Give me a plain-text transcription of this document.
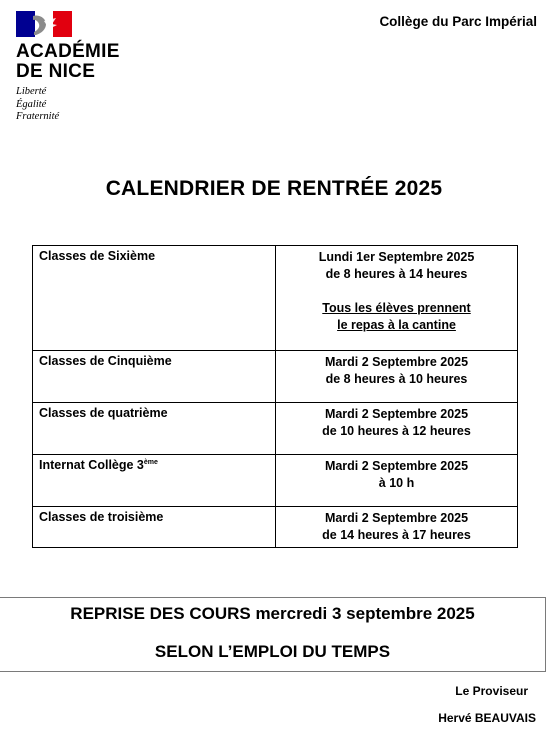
ACADÉMIE
DE NICE
Liberté
Égalité
Fraternité
Collège du Parc Impérial
CALENDRIER DE RENTRÉE 2025
Classes de Sixième	Lundi 1er Septembre 2025
de 8 heures à 14 heures
Tous les élèves prennent
le repas à la cantine

Classes de Cinquième	Mardi 2 Septembre 2025
de 8 heures à 10 heures

Classes de quatrième	Mardi 2 Septembre 2025
de 10 heures à 12 heures

Internat Collège 3ème	Mardi 2 Septembre 2025
à 10 h

Classes de troisième	Mardi 2 Septembre 2025
de 14 heures à 17 heures
REPRISE DES COURS mercredi 3 septembre 2025
SELON L’EMPLOI DU TEMPS
Le Proviseur
Hervé BEAUVAIS
